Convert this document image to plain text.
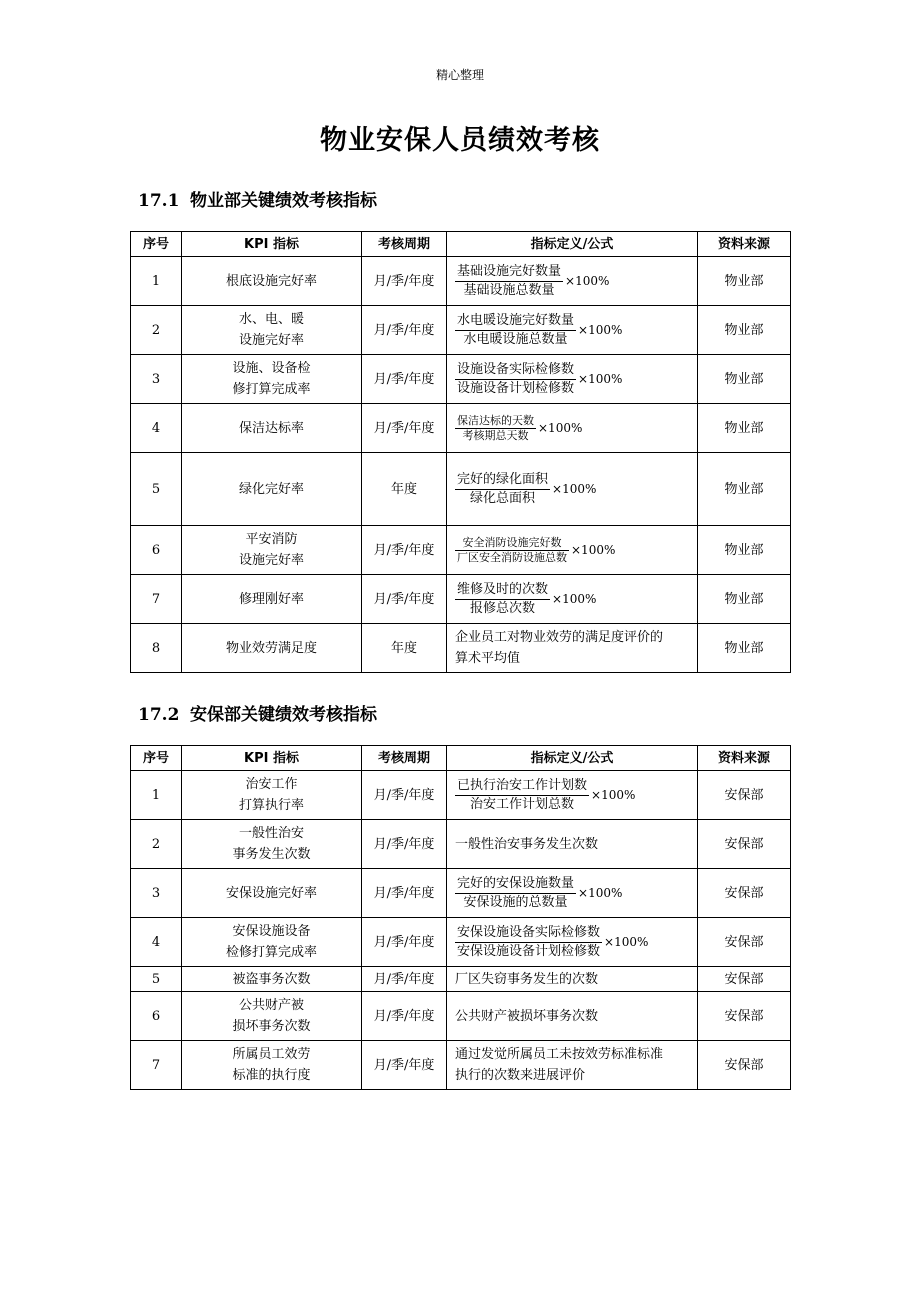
精心整理
物业安保人员绩效考核
17.1 物业部关键绩效考核指标
序号	KPI 指标	考核周期	指标定义/公式	资料来源
1	根底设施完好率	月/季/年度	$\frac{\text{基础设施完好数量}}{\text{基础设施总数量}} \times 100\%$	物业部
2	水、电、暖
设施完好率	月/季/年度	$\frac{\text{水电暖设施完好数量}}{\text{水电暖设施总数量}} \times 100\%$	物业部
3	设施、设备检
修打算完成率	月/季/年度	$\frac{\text{设施设备实际检修数}}{\text{设施设备计划检修数}} \times 100\%$	物业部
4	保洁达标率	月/季/年度	$\frac{\text{保洁达标的天数}}{\text{考核期总天数}} \times 100\%$	物业部
5	绿化完好率	年度	$\frac{\text{完好的绿化面积}}{\text{绿化总面积}} \times 100\%$	物业部
6	平安消防
设施完好率	月/季/年度	$\frac{\text{安全消防设施完好数}}{\text{厂区安全消防设施总数}} \times 100\%$	物业部
7	修理刚好率	月/季/年度	$\frac{\text{维修及时的次数}}{\text{报修总次数}} \times 100\%$	物业部
8	物业效劳满足度	年度	企业员工对物业效劳的满足度评价的
算术平均值	物业部
17.2 安保部关键绩效考核指标
序号	KPI 指标	考核周期	指标定义/公式	资料来源
1	治安工作
打算执行率	月/季/年度	$\frac{\text{已执行治安工作计划数}}{\text{治安工作计划总数}} \times 100\%$	安保部
2	一般性治安
事务发生次数	月/季/年度	一般性治安事务发生次数	安保部
3	安保设施完好率	月/季/年度	$\frac{\text{完好的安保设施数量}}{\text{安保设施的总数量}} \times 100\%$	安保部
4	安保设施设备
检修打算完成率	月/季/年度	$\frac{\text{安保设施设备实际检修数}}{\text{安保设施设备计划检修数}} \times 100\%$	安保部
5	被盗事务次数	月/季/年度	厂区失窃事务发生的次数	安保部
6	公共财产被
损坏事务次数	月/季/年度	公共财产被损坏事务次数	安保部
7	所属员工效劳
标准的执行度	月/季/年度	通过发觉所属员工未按效劳标准标准
执行的次数来进展评价	安保部
